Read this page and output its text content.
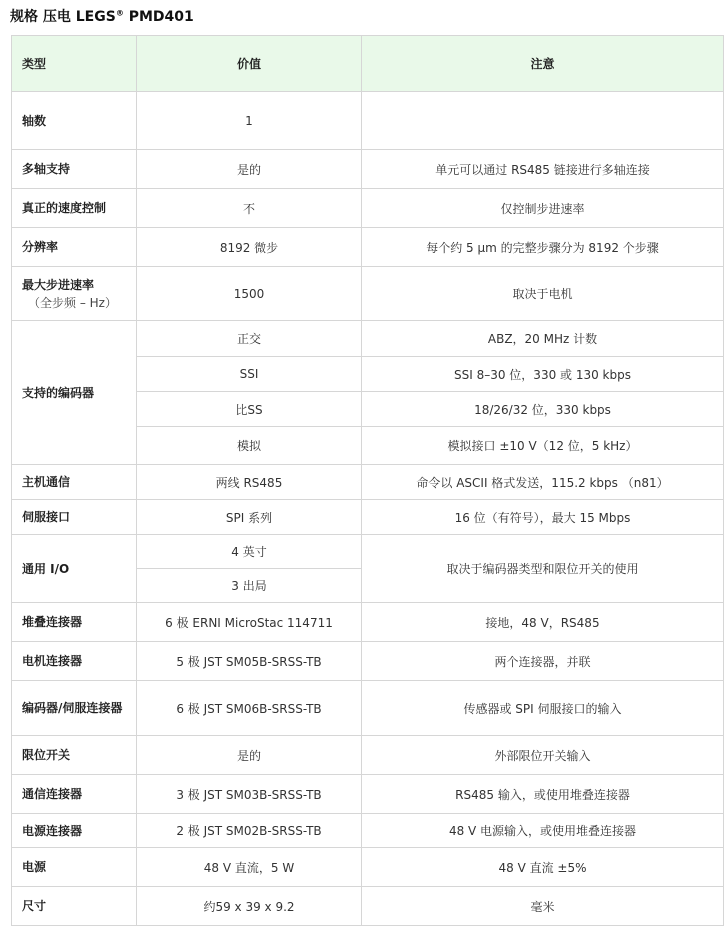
规格 压电 LEGS® PMD401
类型	价值	注意
轴数	1	
多轴支持	是的	单元可以通过 RS485 链接进行多轴连接
真正的速度控制	不	仅控制步进速率
分辨率	8192 微步	每个约 5 µm 的完整步骤分为 8192 个步骤
最大步进速率
（全步频 – Hz）	1500	取决于电机
支持的编码器	正交	ABZ，20 MHz 计数
	SSI	SSI 8–30 位，330 或 130 kbps
	比SS	18/26/32 位，330 kbps
	模拟	模拟接口 ±10 V（12 位，5 kHz）
主机通信	两线 RS485	命令以 ASCII 格式发送，115.2 kbps （n81）
伺服接口	SPI 系列	16 位（有符号），最大 15 Mbps
通用 I/O	4 英寸	取决于编码器类型和限位开关的使用
	3 出局	
堆叠连接器	6 极 ERNI MicroStac 114711	接地，48 V，RS485
电机连接器	5 极 JST SM05B-SRSS-TB	两个连接器，并联
编码器/伺服连接器	6 极 JST SM06B-SRSS-TB	传感器或 SPI 伺服接口的输入
限位开关	是的	外部限位开关输入
通信连接器	3 极 JST SM03B-SRSS-TB	RS485 输入，或使用堆叠连接器
电源连接器	2 极 JST SM02B-SRSS-TB	48 V 电源输入，或使用堆叠连接器
电源	48 V 直流，5 W	48 V 直流 ±5%
尺寸	约59 x 39 x 9.2	毫米
